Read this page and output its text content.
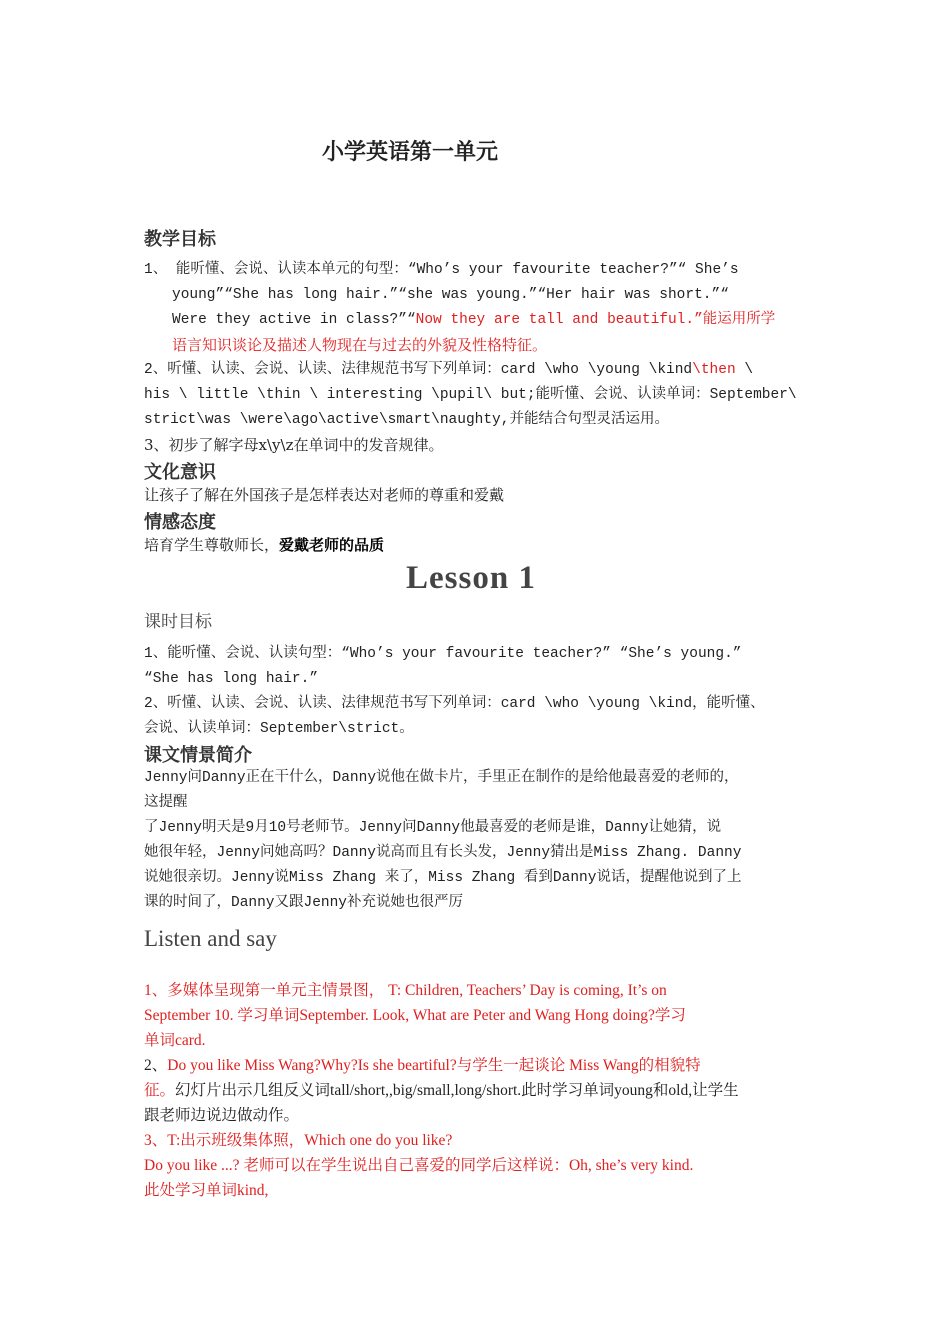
小学英语第一单元
教学目标
1、 能听懂、会说、认读本单元的句型：“Who’s your favourite teacher?”“ She’s
young”“She has long hair.”“she was young.”“Her hair was short.”“
Were they active in class?”“Now they are tall and beautiful.”能运用所学
语言知识谈论及描述人物现在与过去的外貌及性格特征。
2、听懂、认读、会说、认读、法律规范书写下列单词：card \who \young \kind\then \
his \ little \thin \ interesting \pupil\ but;能听懂、会说、认读单词：September\
strict\was \were\ago\active\smart\naughty,并能结合句型灵活运用。
3、初步了解字母x\y\z在单词中的发音规律。
文化意识
让孩子了解在外国孩子是怎样表达对老师的尊重和爱戴
情感态度
培育学生尊敬师长，爱戴老师的品质
Lesson 1
课时目标
1、能听懂、会说、认读句型：“Who’s your favourite teacher?” “She’s young.”
“She has long hair.”
2、听懂、认读、会说、认读、法律规范书写下列单词：card \who \young \kind，能听懂、
会说、认读单词：September\strict。
课文情景简介
Jenny问Danny正在干什么，Danny说他在做卡片，手里正在制作的是给他最喜爱的老师的，
这提醒
了Jenny明天是9月10号老师节。Jenny问Danny他最喜爱的老师是谁，Danny让她猜，说
她很年轻，Jenny问她高吗？Danny说高而且有长头发，Jenny猜出是Miss Zhang. Danny
说她很亲切。Jenny说Miss Zhang 来了，Miss Zhang 看到Danny说话，提醒他说到了上
课的时间了，Danny又跟Jenny补充说她也很严厉
Listen and say
1、多媒体呈现第一单元主情景图， T: Children, Teachers’ Day is coming, It’s on
September 10. 学习单词September. Look, What are Peter and Wang Hong doing?学习
单词card.
2、Do you like Miss Wang?Why?Is she beartiful?与学生一起谈论 Miss Wang的相貌特
征。幻灯片出示几组反义词tall/short,,big/small,long/short.此时学习单词young和old,让学生
跟老师边说边做动作。
3、T:出示班级集体照，Which one do you like?
Do you like ...? 老师可以在学生说出自己喜爱的同学后这样说：Oh, she’s very kind.
此处学习单词kind,
